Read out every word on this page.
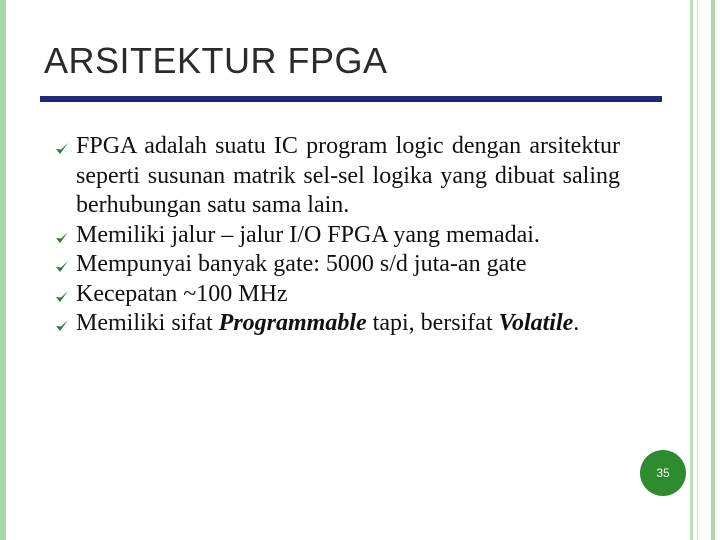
ARSITEKTUR FPGA
FPGA adalah suatu IC program logic dengan arsitektur seperti susunan matrik sel-sel logika yang dibuat saling berhubungan satu sama lain.
Memiliki jalur – jalur I/O FPGA yang memadai.
Mempunyai banyak gate: 5000 s/d juta-an gate
Kecepatan ~100 MHz
Memiliki sifat Programmable tapi, bersifat Volatile.
35
